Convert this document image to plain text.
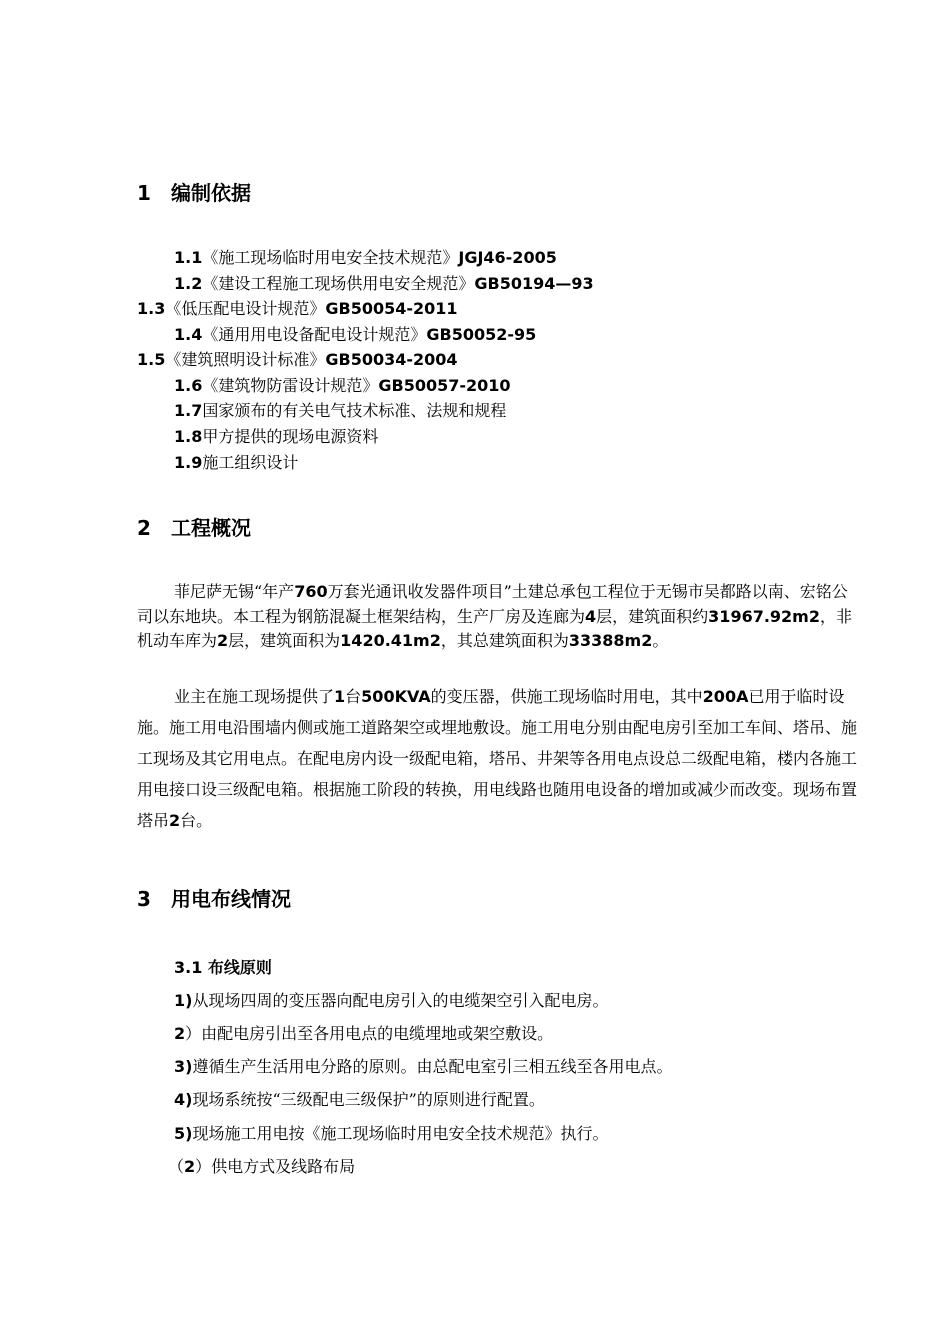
1 编制依据
1.1《施工现场临时用电安全技术规范》JGJ46-2005
1.2《建设工程施工现场供用电安全规范》GB50194—93
1.3《低压配电设计规范》GB50054-2011
1.4《通用用电设备配电设计规范》GB50052-95
1.5《建筑照明设计标准》GB50034-2004
1.6《建筑物防雷设计规范》GB50057-2010
1.7国家颁布的有关电气技术标准、法规和规程
1.8甲方提供的现场电源资料
1.9施工组织设计
2 工程概况

菲尼萨无锡“年产760万套光通讯收发器件项目”土建总承包工程位于无锡市吴都路以南、宏铭公司以东地块。本工程为钢筋混凝土框架结构，生产厂房及连廊为4层，建筑面积约31967.92m2，非机动车库为2层，建筑面积为1420.41m2，其总建筑面积为33388m2。

业主在施工现场提供了1台500KVA的变压器，供施工现场临时用电，其中200A已用于临时设施。施工用电沿围墙内侧或施工道路架空或埋地敷设。施工用电分别由配电房引至加工车间、塔吊、施工现场及其它用电点。在配电房内设一级配电箱，塔吊、井架等各用电点设总二级配电箱，楼内各施工用电接口设三级配电箱。根据施工阶段的转换，用电线路也随用电设备的增加或减少而改变。现场布置塔吊2台。

3 用电布线情况
3.1 布线原则
1)从现场四周的变压器向配电房引入的电缆架空引入配电房。
2）由配电房引出至各用电点的电缆埋地或架空敷设。
3)遵循生产生活用电分路的原则。由总配电室引三相五线至各用电点。
4)现场系统按“三级配电三级保护”的原则进行配置。
5)现场施工用电按《施工现场临时用电安全技术规范》执行。
（2）供电方式及线路布局
